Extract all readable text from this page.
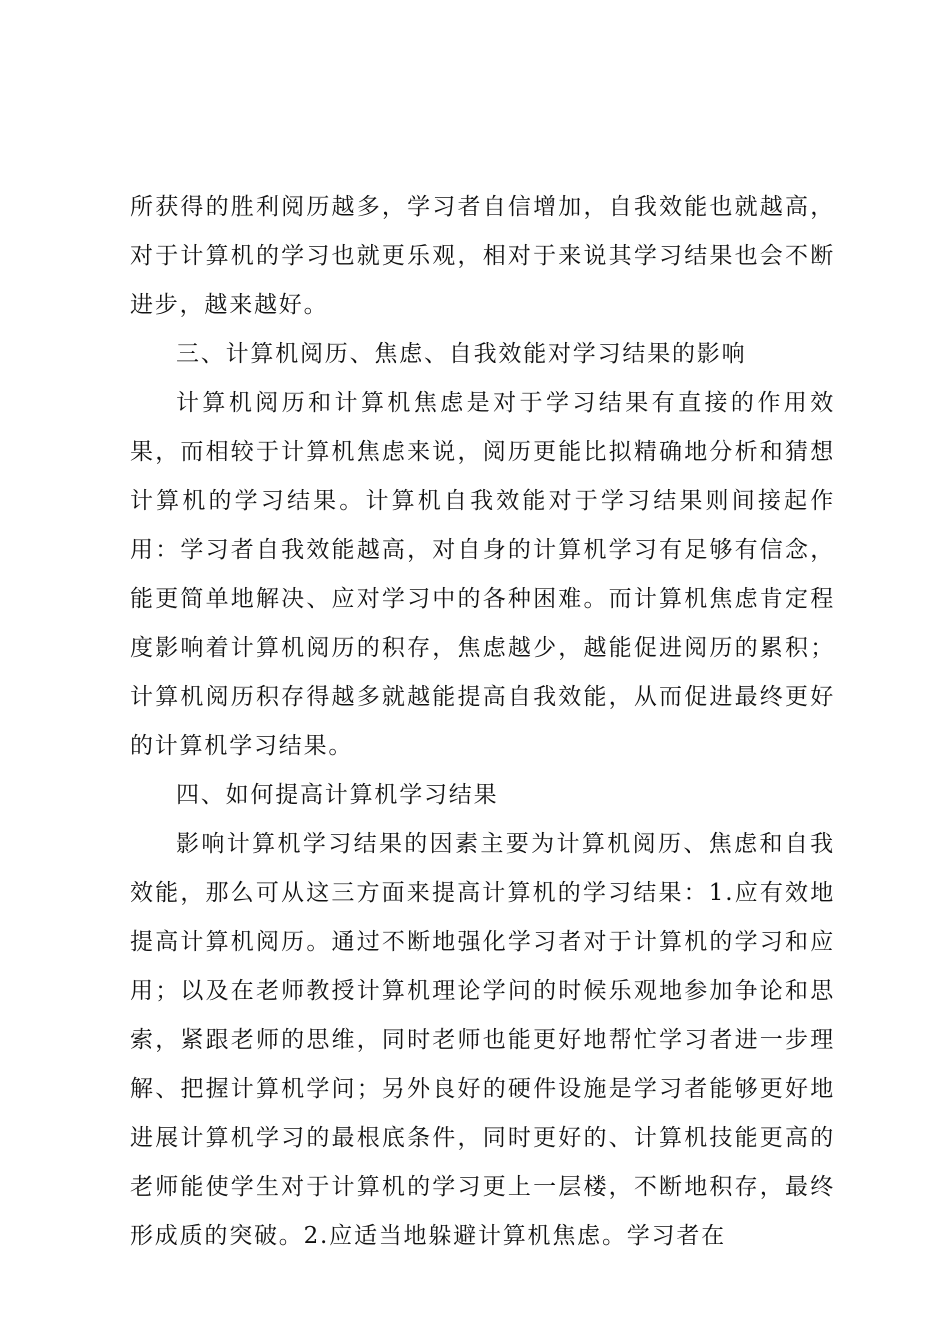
所获得的胜利阅历越多，学习者自信增加，自我效能也就越高，对于计算机的学习也就更乐观，相对于来说其学习结果也会不断进步，越来越好。

三、计算机阅历、焦虑、自我效能对学习结果的影响

计算机阅历和计算机焦虑是对于学习结果有直接的作用效果，而相较于计算机焦虑来说，阅历更能比拟精确地分析和猜想计算机的学习结果。计算机自我效能对于学习结果则间接起作用：学习者自我效能越高，对自身的计算机学习有足够有信念，能更简单地解决、应对学习中的各种困难。而计算机焦虑肯定程度影响着计算机阅历的积存，焦虑越少，越能促进阅历的累积；计算机阅历积存得越多就越能提高自我效能，从而促进最终更好的计算机学习结果。

四、如何提高计算机学习结果

影响计算机学习结果的因素主要为计算机阅历、焦虑和自我效能，那么可从这三方面来提高计算机的学习结果：1.应有效地提高计算机阅历。通过不断地强化学习者对于计算机的学习和应用；以及在老师教授计算机理论学问的时候乐观地参加争论和思索，紧跟老师的思维，同时老师也能更好地帮忙学习者进一步理解、把握计算机学问；另外良好的硬件设施是学习者能够更好地进展计算机学习的最根底条件，同时更好的、计算机技能更高的老师能使学生对于计算机的学习更上一层楼，不断地积存，最终形成质的突破。2.应适当地躲避计算机焦虑。学习者在
